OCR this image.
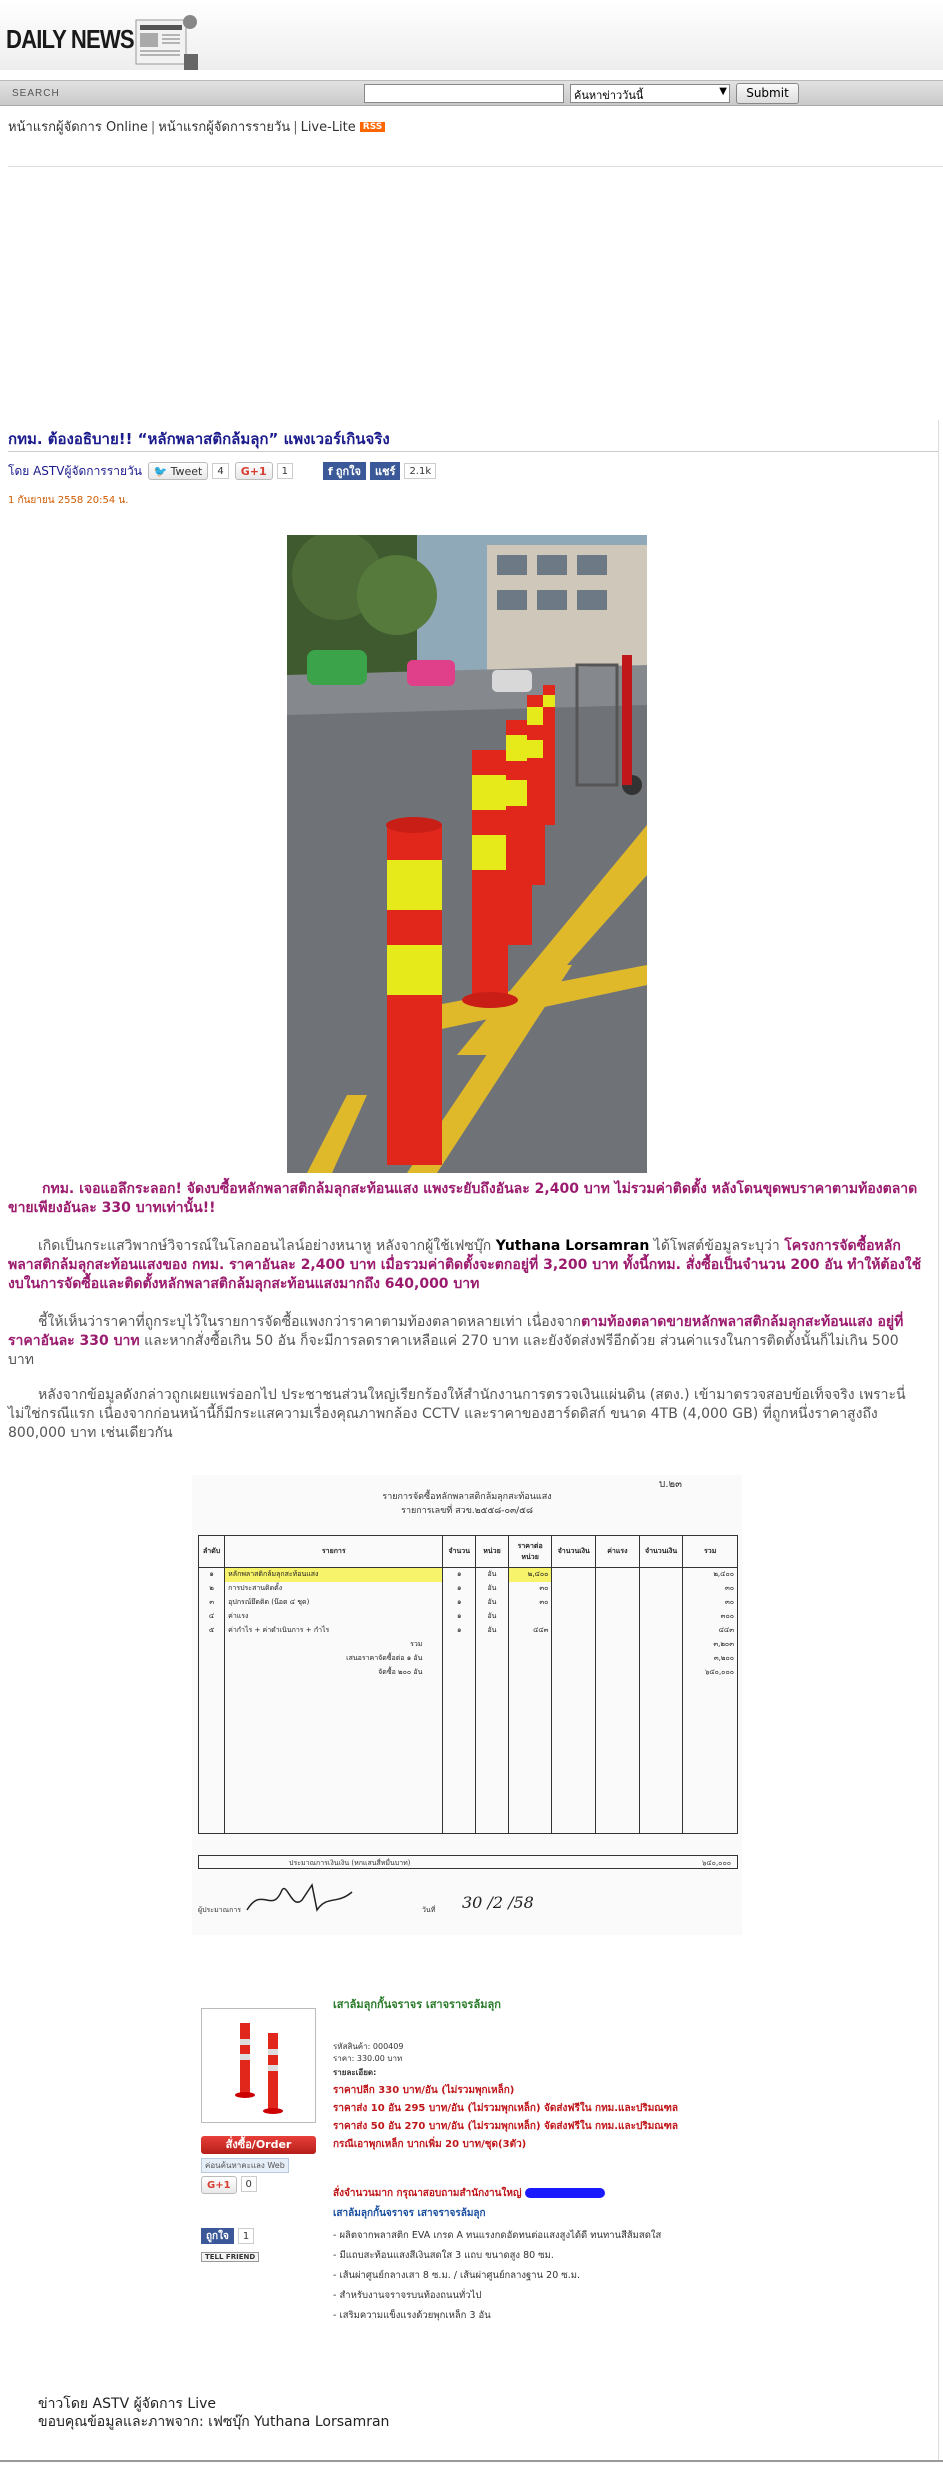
DAILY NEWS
SEARCH	ค้นหาข่าววันนี้	▼	Submit
หน้าแรกผู้จัดการ Online | หน้าแรกผู้จัดการรายวัน | Live-Lite RSS
กทม. ต้องอธิบาย!! “หลักพลาสติกล้มลุก” แพงเวอร์เกินจริง
โดย ASTVผู้จัดการรายวัน 🐦 Tweet	4	G+1	1	f ถูกใจ	แชร์	2.1k
1 กันยายน 2558 20:54 น.
กทม. เจอแอลึกระลอก! จัดงบซื้อหลักพลาสติกล้มลุกสะท้อนแสง แพงระยับถึงอันละ 2,400 บาท ไม่รวมค่าติดตั้ง หลังโดนขุดพบราคาตามท้องตลาด ขายเพียงอันละ 330 บาทเท่านั้น!!
เกิดเป็นกระแสวิพากษ์วิจารณ์ในโลกออนไลน์อย่างหนาหู หลังจากผู้ใช้เฟซบุ๊ก Yuthana Lorsamran ได้โพสต์ข้อมูลระบุว่า โครงการจัดซื้อหลักพลาสติกล้มลุกสะท้อนแสงของ กทม. ราคาอันละ 2,400 บาท เมื่อรวมค่าติดตั้งจะตกอยู่ที่ 3,200 บาท ทั้งนี้กทม. สั่งซื้อเป็นจำนวน 200 อัน ทำให้ต้องใช้งบในการจัดซื้อและติดตั้งหลักพลาสติกล้มลุกสะท้อนแสงมากถึง 640,000 บาท
ชี้ให้เห็นว่าราคาที่ถูกระบุไว้ในรายการจัดซื้อแพงกว่าราคาตามท้องตลาดหลายเท่า เนื่องจากตามท้องตลาดขายหลักพลาสติกล้มลุกสะท้อนแสง อยู่ที่ราคาอันละ 330 บาท และหากสั่งซื้อเกิน 50 อัน ก็จะมีการลดราคาเหลือแค่ 270 บาท และยังจัดส่งฟรีอีกด้วย ส่วนค่าแรงในการติดตั้งนั้นก็ไม่เกิน 500 บาท
หลังจากข้อมูลดังกล่าวถูกเผยแพร่ออกไป ประชาชนส่วนใหญ่เรียกร้องให้สำนักงานการตรวจเงินแผ่นดิน (สตง.) เข้ามาตรวจสอบข้อเท็จจริง เพราะนี่ไม่ใช่กรณีแรก เนื่องจากก่อนหน้านี้ก็มีกระแสความเรื่องคุณภาพกล้อง CCTV และราคาของฮาร์ดดิสก์ ขนาด 4TB (4,000 GB) ที่ถูกหนึ่งราคาสูงถึง 800,000 บาท เช่นเดียวกัน
บ.๒๓
รายการจัดซื้อหลักพลาสติกล้มลุกสะท้อนแสง
รายการเลขที่ สวข.๒๕๕๘-๐๓/๕๘
ลำดับ	รายการ	จำนวน	หน่วย	ราคาต่อหน่วย	จำนวนเงิน	ค่าแรง	จำนวนเงิน	รวม
๑	หลักพลาสติกล้มลุกสะท้อนแสง	๑	อัน	๒,๔๐๐				๒,๔๐๐
๒	การประสานติดตั้ง	๑	อัน	๓๐				๓๐
๓	อุปกรณ์ยึดติด (น๊อต ๔ ชุด)	๑	อัน	๓๐				๓๐
๔	ค่าแรง	๑	อัน					๓๐๐
๕	ค่ากำไร + ค่าดำเนินการ + กำไร	๑	อัน	๔๔๓				๔๔๓
	รวม							๓,๒๐๓
	เสนอราคาจัดซื้อต่อ ๑ อัน							๓,๒๐๐
	จัดซื้อ ๒๐๐ อัน							๖๔๐,๐๐๐

ประมาณการเงินเงิน (หกแสนสี่หมื่นบาท)	๖๔๐,๐๐๐
ผู้ประมาณการ	วันที่ 30 /2 /58
สั่งซื้อ/Order
ค่อนค้นหาคะแลง Web
G+1	0
ถูกใจ	1
TELL FRIEND
เสาล้มลุกกั้นจราจร เสาจราจรล้มลุก
รหัสสินค้า: 000409
ราคา: 330.00 บาท
รายละเอียด:
ราคาปลีก 330 บาท/อัน (ไม่รวมพุกเหล็ก)
ราคาส่ง 10 อัน 295 บาท/อัน (ไม่รวมพุกเหล็ก) จัดส่งฟรีใน กทม.และปริมณฑล
ราคาส่ง 50 อัน 270 บาท/อัน (ไม่รวมพุกเหล็ก) จัดส่งฟรีใน กทม.และปริมณฑล
กรณีเอาพุกเหล็ก บากเพิ่ม 20 บาท/ชุด(3ตัว)
สั่งจำนวนมาก กรุณาสอบถามสำนักงานใหญ่
เสาล้มลุกกั้นจราจร เสาจราจรล้มลุก
- ผลิตจากพลาสติก EVA เกรด A ทนแรงกดอัดทนต่อแสงสูงได้ดี ทนทานสีส้มสดใส
- มีแถบสะท้อนแสงสีเงินสดใส 3 แถบ ขนาดสูง 80 ซม.
- เส้นผ่าศูนย์กลางเสา 8 ซ.ม. / เส้นผ่าศูนย์กลางฐาน 20 ซ.ม.
- สำหรับงานจราจรบนท้องถนนทั่วไป
- เสริมความแข็งแรงด้วยพุกเหล็ก 3 อัน
ข่าวโดย ASTV ผู้จัดการ Live
ขอบคุณข้อมูลและภาพจาก: เฟซบุ๊ก Yuthana Lorsamran
